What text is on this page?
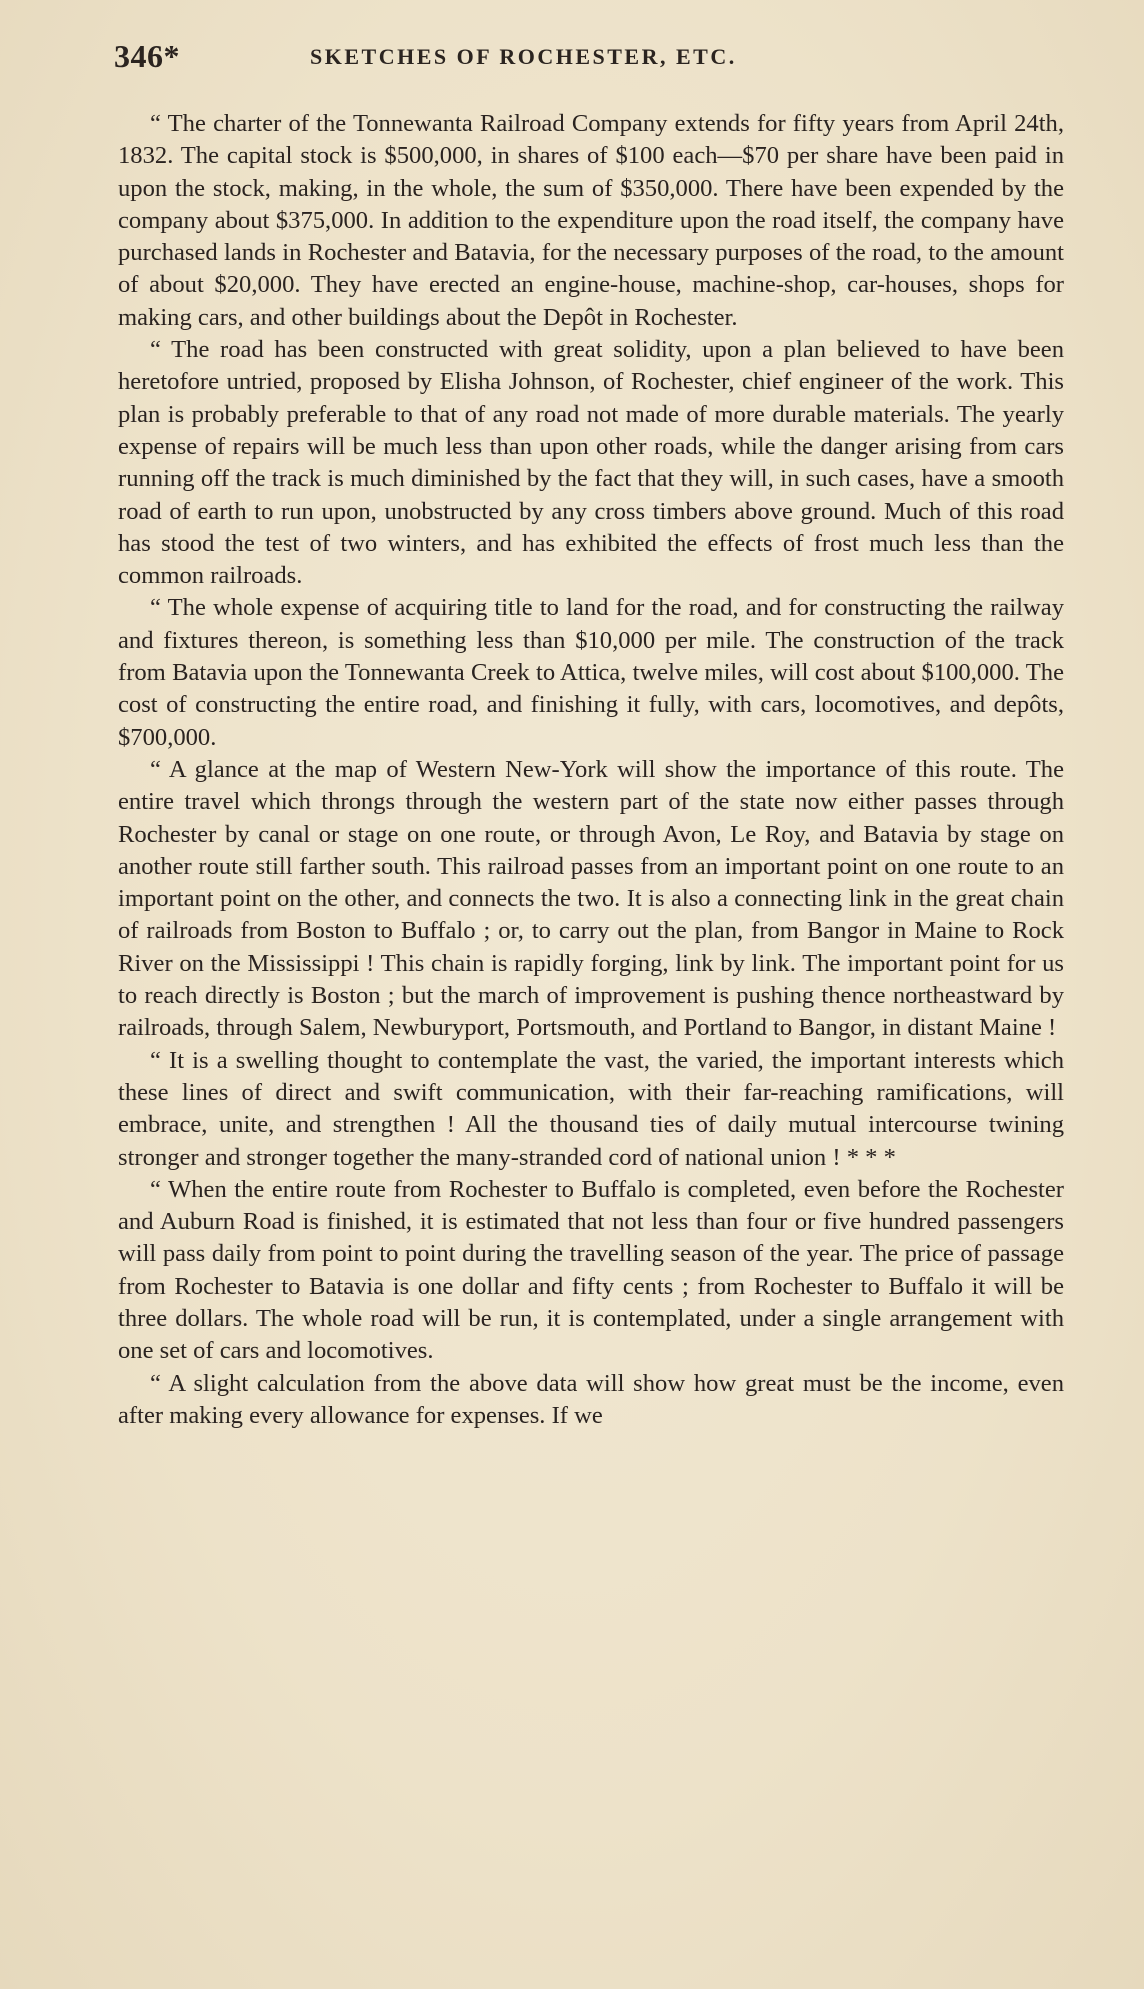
346*	SKETCHES OF ROCHESTER, ETC.

“ The charter of the Tonnewanta Railroad Company extends for fifty years from April 24th, 1832. The capital stock is $500,000, in shares of $100 each—$70 per share have been paid in upon the stock, making, in the whole, the sum of $350,000. There have been expended by the company about $375,000. In addition to the expenditure upon the road itself, the company have purchased lands in Rochester and Batavia, for the necessary purposes of the road, to the amount of about $20,000. They have erected an engine-house, machine-shop, car-houses, shops for making cars, and other buildings about the Depôt in Rochester.

“ The road has been constructed with great solidity, upon a plan believed to have been heretofore untried, proposed by Elisha Johnson, of Rochester, chief engineer of the work. This plan is probably preferable to that of any road not made of more durable materials. The yearly expense of repairs will be much less than upon other roads, while the danger arising from cars running off the track is much diminished by the fact that they will, in such cases, have a smooth road of earth to run upon, unobstructed by any cross timbers above ground. Much of this road has stood the test of two winters, and has exhibited the effects of frost much less than the common railroads.

“ The whole expense of acquiring title to land for the road, and for constructing the railway and fixtures thereon, is something less than $10,000 per mile. The construction of the track from Batavia upon the Tonnewanta Creek to Attica, twelve miles, will cost about $100,000. The cost of constructing the entire road, and finishing it fully, with cars, locomotives, and depôts, $700,000.

“ A glance at the map of Western New-York will show the importance of this route. The entire travel which throngs through the western part of the state now either passes through Rochester by canal or stage on one route, or through Avon, Le Roy, and Batavia by stage on another route still farther south. This railroad passes from an important point on one route to an important point on the other, and connects the two. It is also a connecting link in the great chain of railroads from Boston to Buffalo ; or, to carry out the plan, from Bangor in Maine to Rock River on the Mississippi ! This chain is rapidly forging, link by link. The important point for us to reach directly is Boston ; but the march of improvement is pushing thence northeastward by railroads, through Salem, Newburyport, Portsmouth, and Portland to Bangor, in distant Maine !

“ It is a swelling thought to contemplate the vast, the varied, the important interests which these lines of direct and swift communication, with their far-reaching ramifications, will embrace, unite, and strengthen ! All the thousand ties of daily mutual intercourse twining stronger and stronger together the many-stranded cord of national union ! * * *

“ When the entire route from Rochester to Buffalo is completed, even before the Rochester and Auburn Road is finished, it is estimated that not less than four or five hundred passengers will pass daily from point to point during the travelling season of the year. The price of passage from Rochester to Batavia is one dollar and fifty cents ; from Rochester to Buffalo it will be three dollars. The whole road will be run, it is contemplated, under a single arrangement with one set of cars and locomotives.

“ A slight calculation from the above data will show how great must be the income, even after making every allowance for expenses. If we
